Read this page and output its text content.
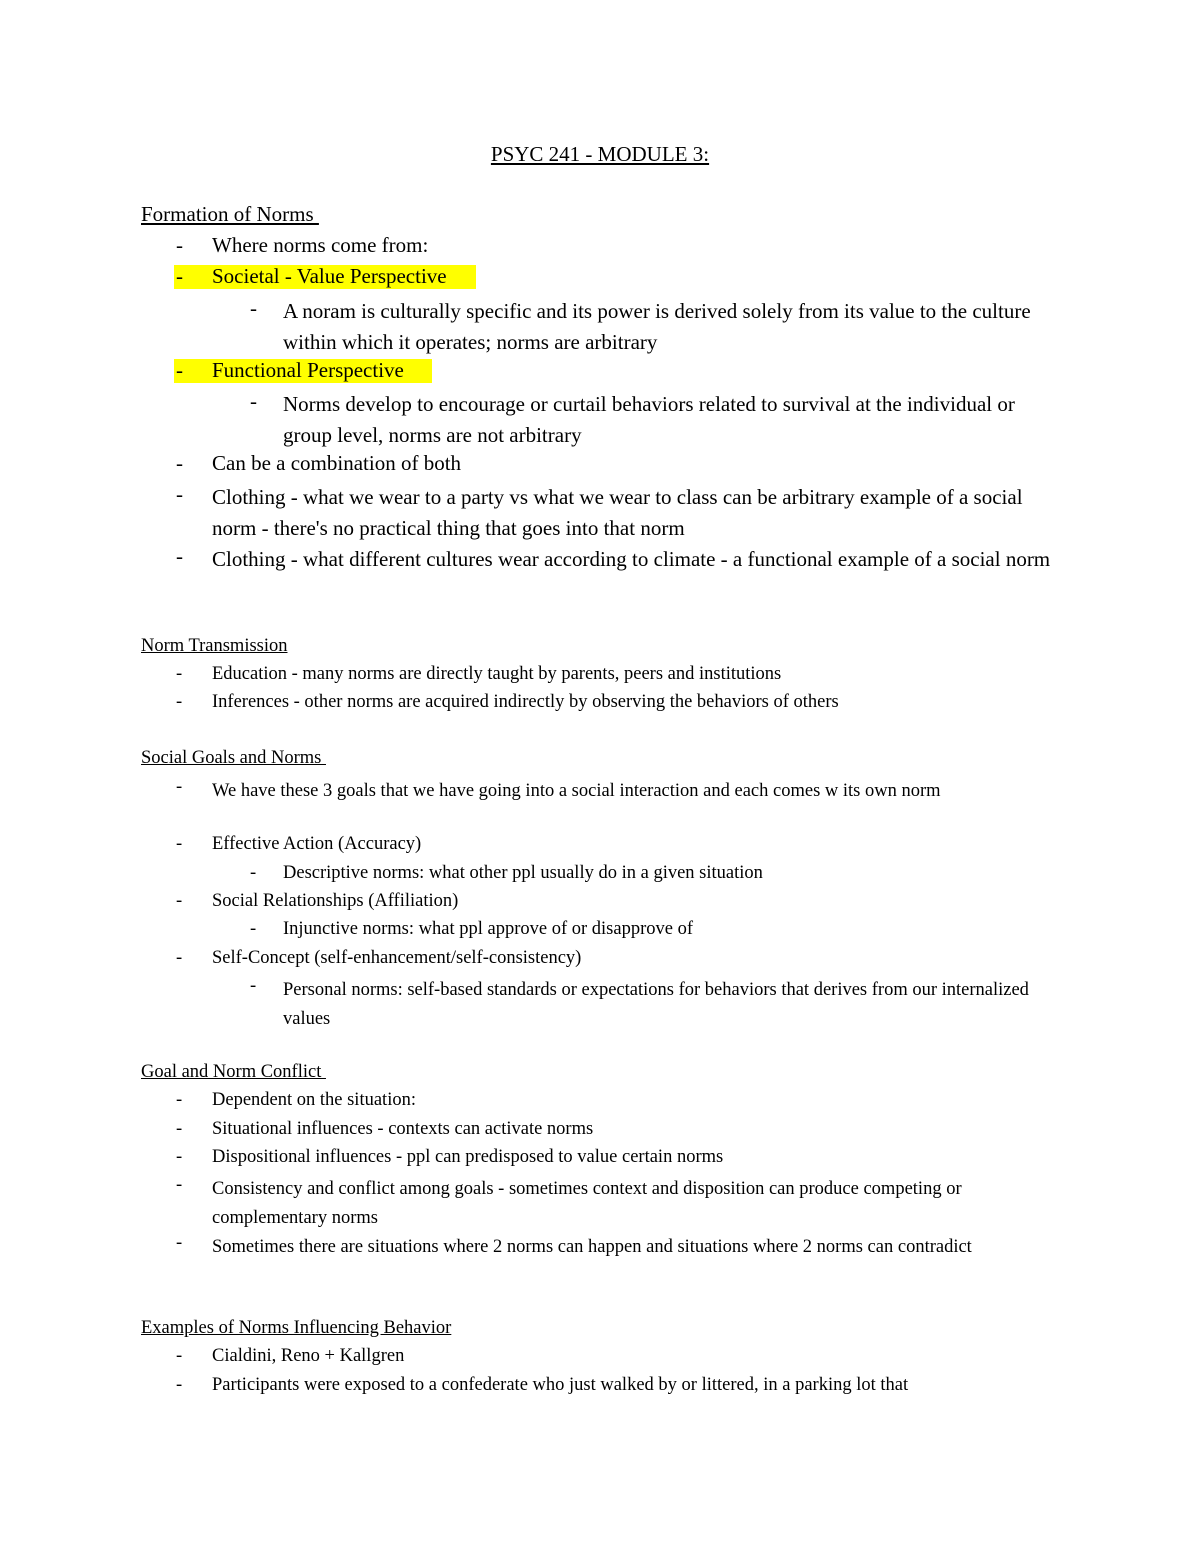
PSYC 241 - MODULE 3:
Formation of Norms
- Where norms come from:
- Societal - Value Perspective
- A noram is culturally specific and its power is derived solely from its value to the culture within which it operates; norms are arbitrary
- Functional Perspective
- Norms develop to encourage or curtail behaviors related to survival at the individual or group level, norms are not arbitrary
- Can be a combination of both
- Clothing - what we wear to a party vs what we wear to class can be arbitrary example of a social norm - there's no practical thing that goes into that norm
- Clothing - what different cultures wear according to climate - a functional example of a social norm
Norm Transmission
- Education - many norms are directly taught by parents, peers and institutions
- Inferences - other norms are acquired indirectly by observing the behaviors of others
Social Goals and Norms
- We have these 3 goals that we have going into a social interaction and each comes w its own norm
- Effective Action (Accuracy)
- Descriptive norms: what other ppl usually do in a given situation
- Social Relationships (Affiliation)
- Injunctive norms: what ppl approve of or disapprove of
- Self-Concept (self-enhancement/self-consistency)
- Personal norms: self-based standards or expectations for behaviors that derives from our internalized values
Goal and Norm Conflict
- Dependent on the situation:
- Situational influences - contexts can activate norms
- Dispositional influences - ppl can predisposed to value certain norms
- Consistency and conflict among goals - sometimes context and disposition can produce competing or complementary norms
- Sometimes there are situations where 2 norms can happen and situations where 2 norms can contradict
Examples of Norms Influencing Behavior
- Cialdini, Reno + Kallgren
- Participants were exposed to a confederate who just walked by or littered, in a parking lot that
